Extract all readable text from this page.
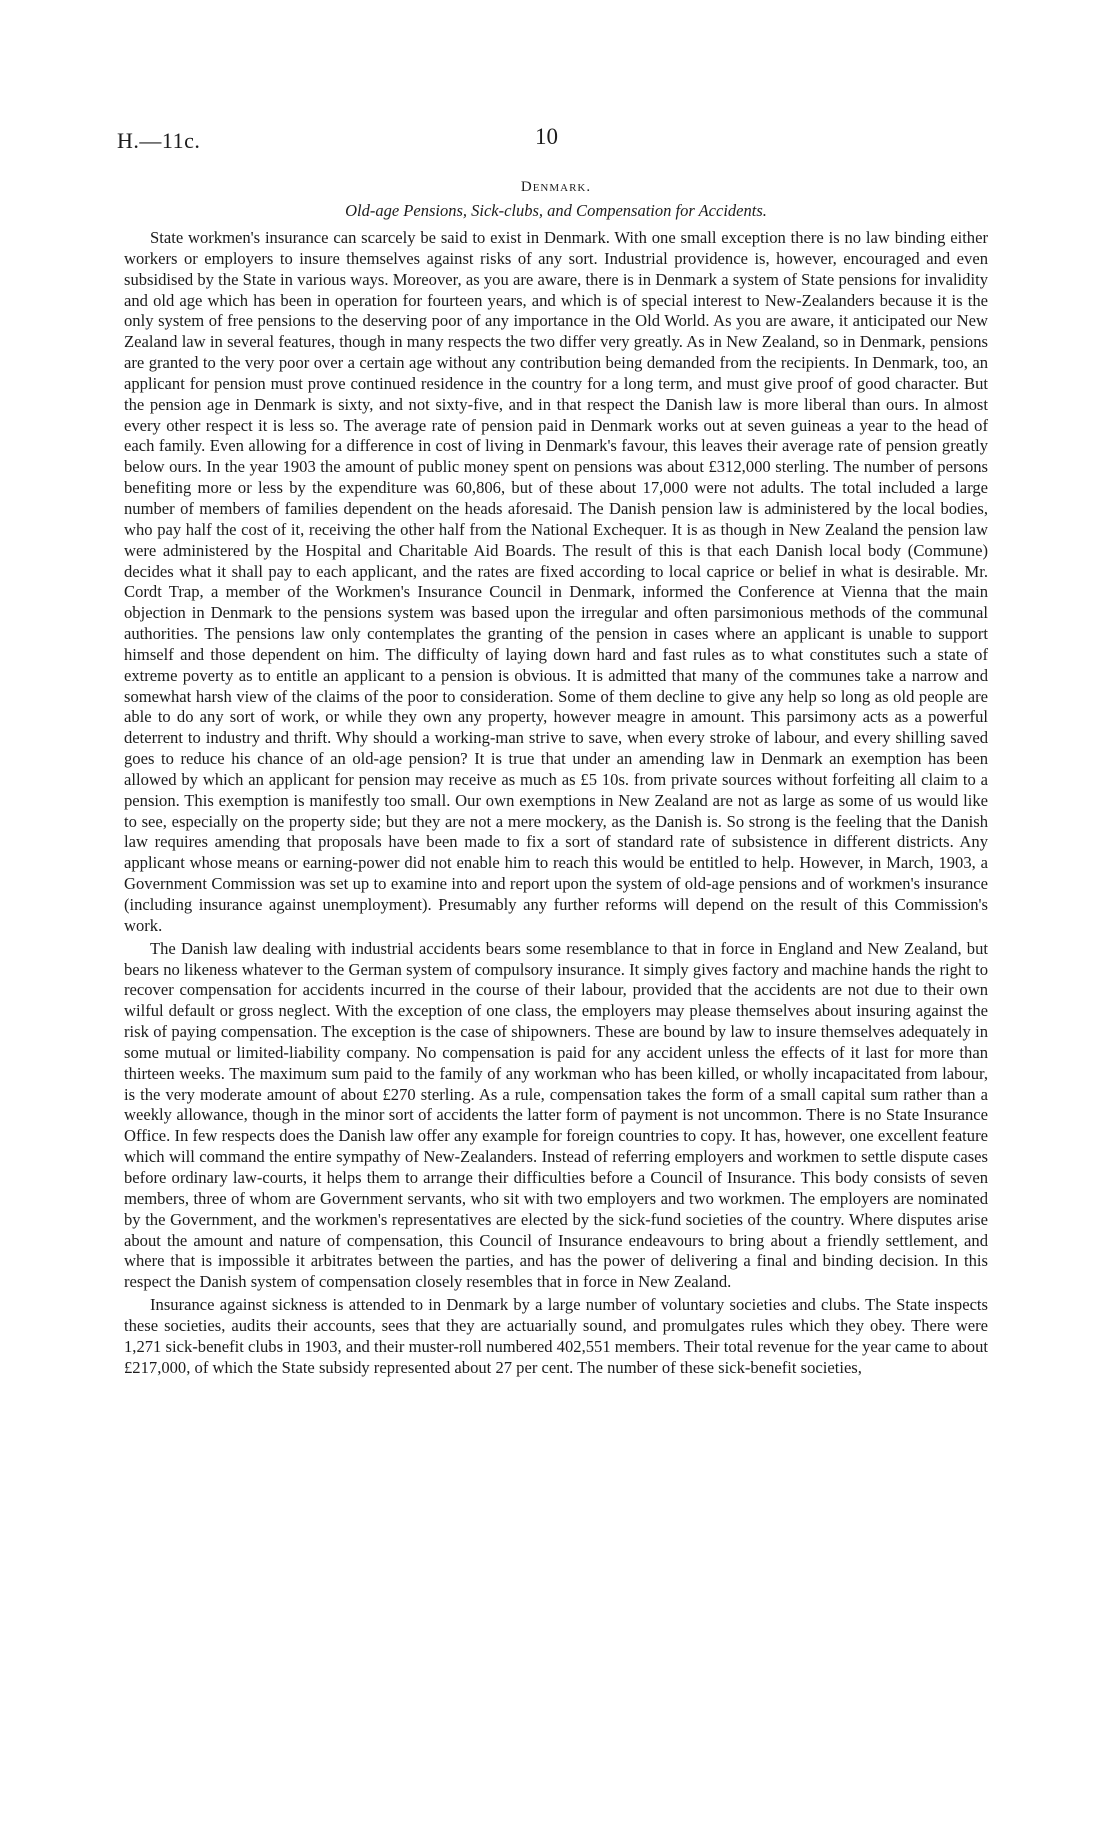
H.—11c.	10
Denmark.
Old-age Pensions, Sick-clubs, and Compensation for Accidents.

State workmen's insurance can scarcely be said to exist in Denmark. With one small exception there is no law binding either workers or employers to insure themselves against risks of any sort. Industrial providence is, however, encouraged and even subsidised by the State in various ways. Moreover, as you are aware, there is in Denmark a system of State pensions for invalidity and old age which has been in operation for fourteen years, and which is of special interest to New-Zealanders because it is the only system of free pensions to the deserving poor of any importance in the Old World. As you are aware, it anticipated our New Zealand law in several features, though in many respects the two differ very greatly. As in New Zealand, so in Denmark, pensions are granted to the very poor over a certain age without any contribution being demanded from the recipients. In Denmark, too, an applicant for pension must prove continued residence in the country for a long term, and must give proof of good character. But the pension age in Denmark is sixty, and not sixty-five, and in that respect the Danish law is more liberal than ours. In almost every other respect it is less so. The average rate of pension paid in Denmark works out at seven guineas a year to the head of each family. Even allowing for a difference in cost of living in Denmark's favour, this leaves their average rate of pension greatly below ours. In the year 1903 the amount of public money spent on pensions was about £312,000 sterling. The number of persons benefiting more or less by the expenditure was 60,806, but of these about 17,000 were not adults. The total included a large number of members of families dependent on the heads aforesaid. The Danish pension law is administered by the local bodies, who pay half the cost of it, receiving the other half from the National Exchequer. It is as though in New Zealand the pension law were administered by the Hospital and Charitable Aid Boards. The result of this is that each Danish local body (Commune) decides what it shall pay to each applicant, and the rates are fixed according to local caprice or belief in what is desirable. Mr. Cordt Trap, a member of the Workmen's Insurance Council in Denmark, informed the Conference at Vienna that the main objection in Denmark to the pensions system was based upon the irregular and often parsimonious methods of the communal authorities. The pensions law only contemplates the granting of the pension in cases where an applicant is unable to support himself and those dependent on him. The difficulty of laying down hard and fast rules as to what constitutes such a state of extreme poverty as to entitle an applicant to a pension is obvious. It is admitted that many of the communes take a narrow and somewhat harsh view of the claims of the poor to consideration. Some of them decline to give any help so long as old people are able to do any sort of work, or while they own any property, however meagre in amount. This parsimony acts as a powerful deterrent to industry and thrift. Why should a working-man strive to save, when every stroke of labour, and every shilling saved goes to reduce his chance of an old-age pension? It is true that under an amending law in Denmark an exemption has been allowed by which an applicant for pension may receive as much as £5 10s. from private sources without forfeiting all claim to a pension. This exemption is manifestly too small. Our own exemptions in New Zealand are not as large as some of us would like to see, especially on the property side; but they are not a mere mockery, as the Danish is. So strong is the feeling that the Danish law requires amending that proposals have been made to fix a sort of standard rate of subsistence in different districts. Any applicant whose means or earning-power did not enable him to reach this would be entitled to help. However, in March, 1903, a Government Commission was set up to examine into and report upon the system of old-age pensions and of workmen's insurance (including insurance against unemployment). Presumably any further reforms will depend on the result of this Commission's work.

The Danish law dealing with industrial accidents bears some resemblance to that in force in England and New Zealand, but bears no likeness whatever to the German system of compulsory insurance. It simply gives factory and machine hands the right to recover compensation for accidents incurred in the course of their labour, provided that the accidents are not due to their own wilful default or gross neglect. With the exception of one class, the employers may please themselves about insuring against the risk of paying compensation. The exception is the case of shipowners. These are bound by law to insure themselves adequately in some mutual or limited-liability company. No compensation is paid for any accident unless the effects of it last for more than thirteen weeks. The maximum sum paid to the family of any workman who has been killed, or wholly incapacitated from labour, is the very moderate amount of about £270 sterling. As a rule, compensation takes the form of a small capital sum rather than a weekly allowance, though in the minor sort of accidents the latter form of payment is not uncommon. There is no State Insurance Office. In few respects does the Danish law offer any example for foreign countries to copy. It has, however, one excellent feature which will command the entire sympathy of New-Zealanders. Instead of referring employers and workmen to settle dispute cases before ordinary law-courts, it helps them to arrange their difficulties before a Council of Insurance. This body consists of seven members, three of whom are Government servants, who sit with two employers and two workmen. The employers are nominated by the Government, and the workmen's representatives are elected by the sick-fund societies of the country. Where disputes arise about the amount and nature of compensation, this Council of Insurance endeavours to bring about a friendly settlement, and where that is impossible it arbitrates between the parties, and has the power of delivering a final and binding decision. In this respect the Danish system of compensation closely resembles that in force in New Zealand.

Insurance against sickness is attended to in Denmark by a large number of voluntary societies and clubs. The State inspects these societies, audits their accounts, sees that they are actuarially sound, and promulgates rules which they obey. There were 1,271 sick-benefit clubs in 1903, and their muster-roll numbered 402,551 members. Their total revenue for the year came to about £217,000, of which the State subsidy represented about 27 per cent. The number of these sick-benefit societies,
